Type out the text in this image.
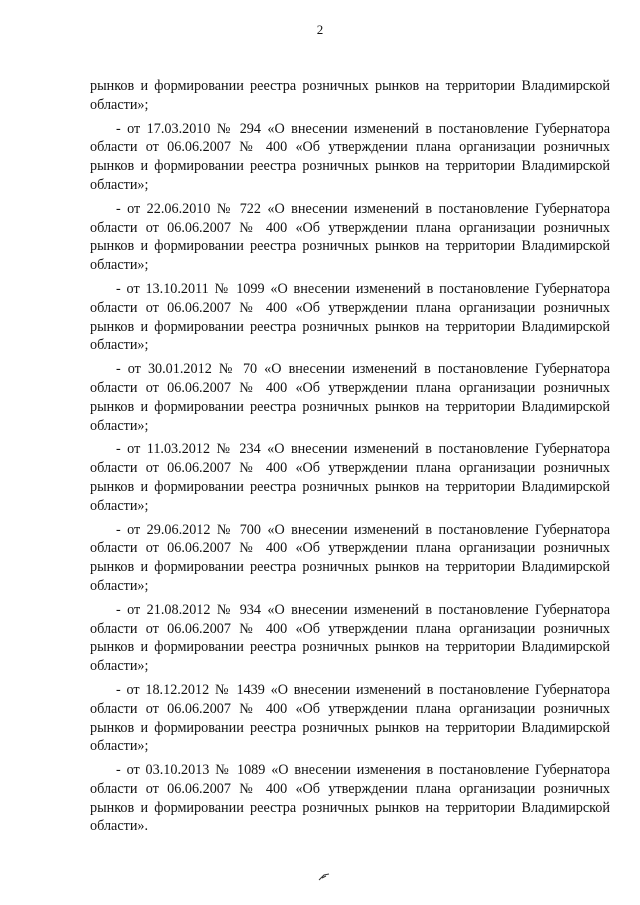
2

рынков и формировании реестра розничных рынков на территории Владимирской области»;

- от 17.03.2010 № 294 «О внесении изменений в постановление Губернатора области от 06.06.2007 № 400 «Об утверждении плана организации розничных рынков и формировании реестра розничных рынков на территории Владимирской области»;

- от 22.06.2010 № 722 «О внесении изменений в постановление Губернатора области от 06.06.2007 № 400 «Об утверждении плана организации розничных рынков и формировании реестра розничных рынков на территории Владимирской области»;

- от 13.10.2011 № 1099 «О внесении изменений в постановление Губернатора области от 06.06.2007 № 400 «Об утверждении плана организации розничных рынков и формировании реестра розничных рынков на территории Владимирской области»;

- от 30.01.2012 № 70 «О внесении изменений в постановление Губернатора области от 06.06.2007 № 400 «Об утверждении плана организации розничных рынков и формировании реестра розничных рынков на территории Владимирской области»;

- от 11.03.2012 № 234 «О внесении изменений в постановление Губернатора области от 06.06.2007 № 400 «Об утверждении плана организации розничных рынков и формировании реестра розничных рынков на территории Владимирской области»;

- от 29.06.2012 № 700 «О внесении изменений в постановление Губернатора области от 06.06.2007 № 400 «Об утверждении плана организации розничных рынков и формировании реестра розничных рынков на территории Владимирской области»;

- от 21.08.2012 № 934 «О внесении изменений в постановление Губернатора области от 06.06.2007 № 400 «Об утверждении плана организации розничных рынков и формировании реестра розничных рынков на территории Владимирской области»;

- от 18.12.2012 № 1439 «О внесении изменений в постановление Губернатора области от 06.06.2007 № 400 «Об утверждении плана организации розничных рынков и формировании реестра розничных рынков на территории Владимирской области»;

- от 03.10.2013 № 1089 «О внесении изменения в постановление Губернатора области от 06.06.2007 № 400 «Об утверждении плана организации розничных рынков и формировании реестра розничных рынков на территории Владимирской области».
